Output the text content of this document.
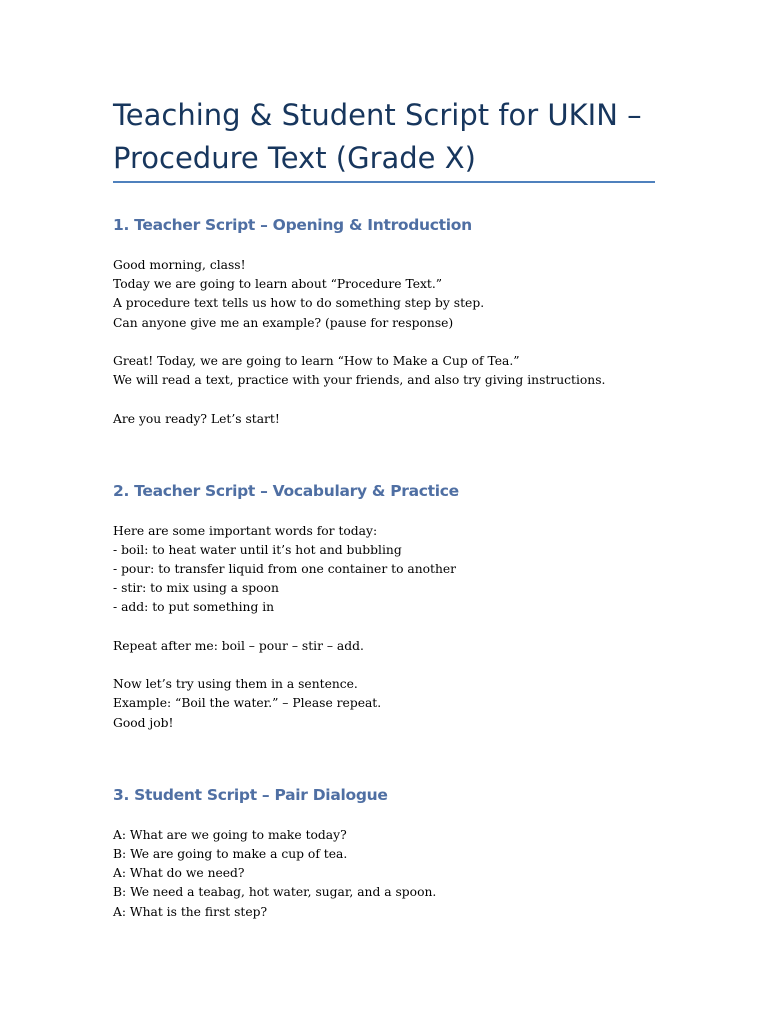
Teaching & Student Script for UKIN –
Procedure Text (Grade X)
1. Teacher Script – Opening & Introduction
Good morning, class!
Today we are going to learn about “Procedure Text.”
A procedure text tells us how to do something step by step.
Can anyone give me an example? (pause for response)
Great! Today, we are going to learn “How to Make a Cup of Tea.”
We will read a text, practice with your friends, and also try giving instructions.
Are you ready? Let’s start!
2. Teacher Script – Vocabulary & Practice
Here are some important words for today:
- boil: to heat water until it’s hot and bubbling
- pour: to transfer liquid from one container to another
- stir: to mix using a spoon
- add: to put something in
Repeat after me: boil – pour – stir – add.
Now let’s try using them in a sentence.
Example: “Boil the water.” – Please repeat.
Good job!
3. Student Script – Pair Dialogue
A: What are we going to make today?
B: We are going to make a cup of tea.
A: What do we need?
B: We need a teabag, hot water, sugar, and a spoon.
A: What is the first step?
